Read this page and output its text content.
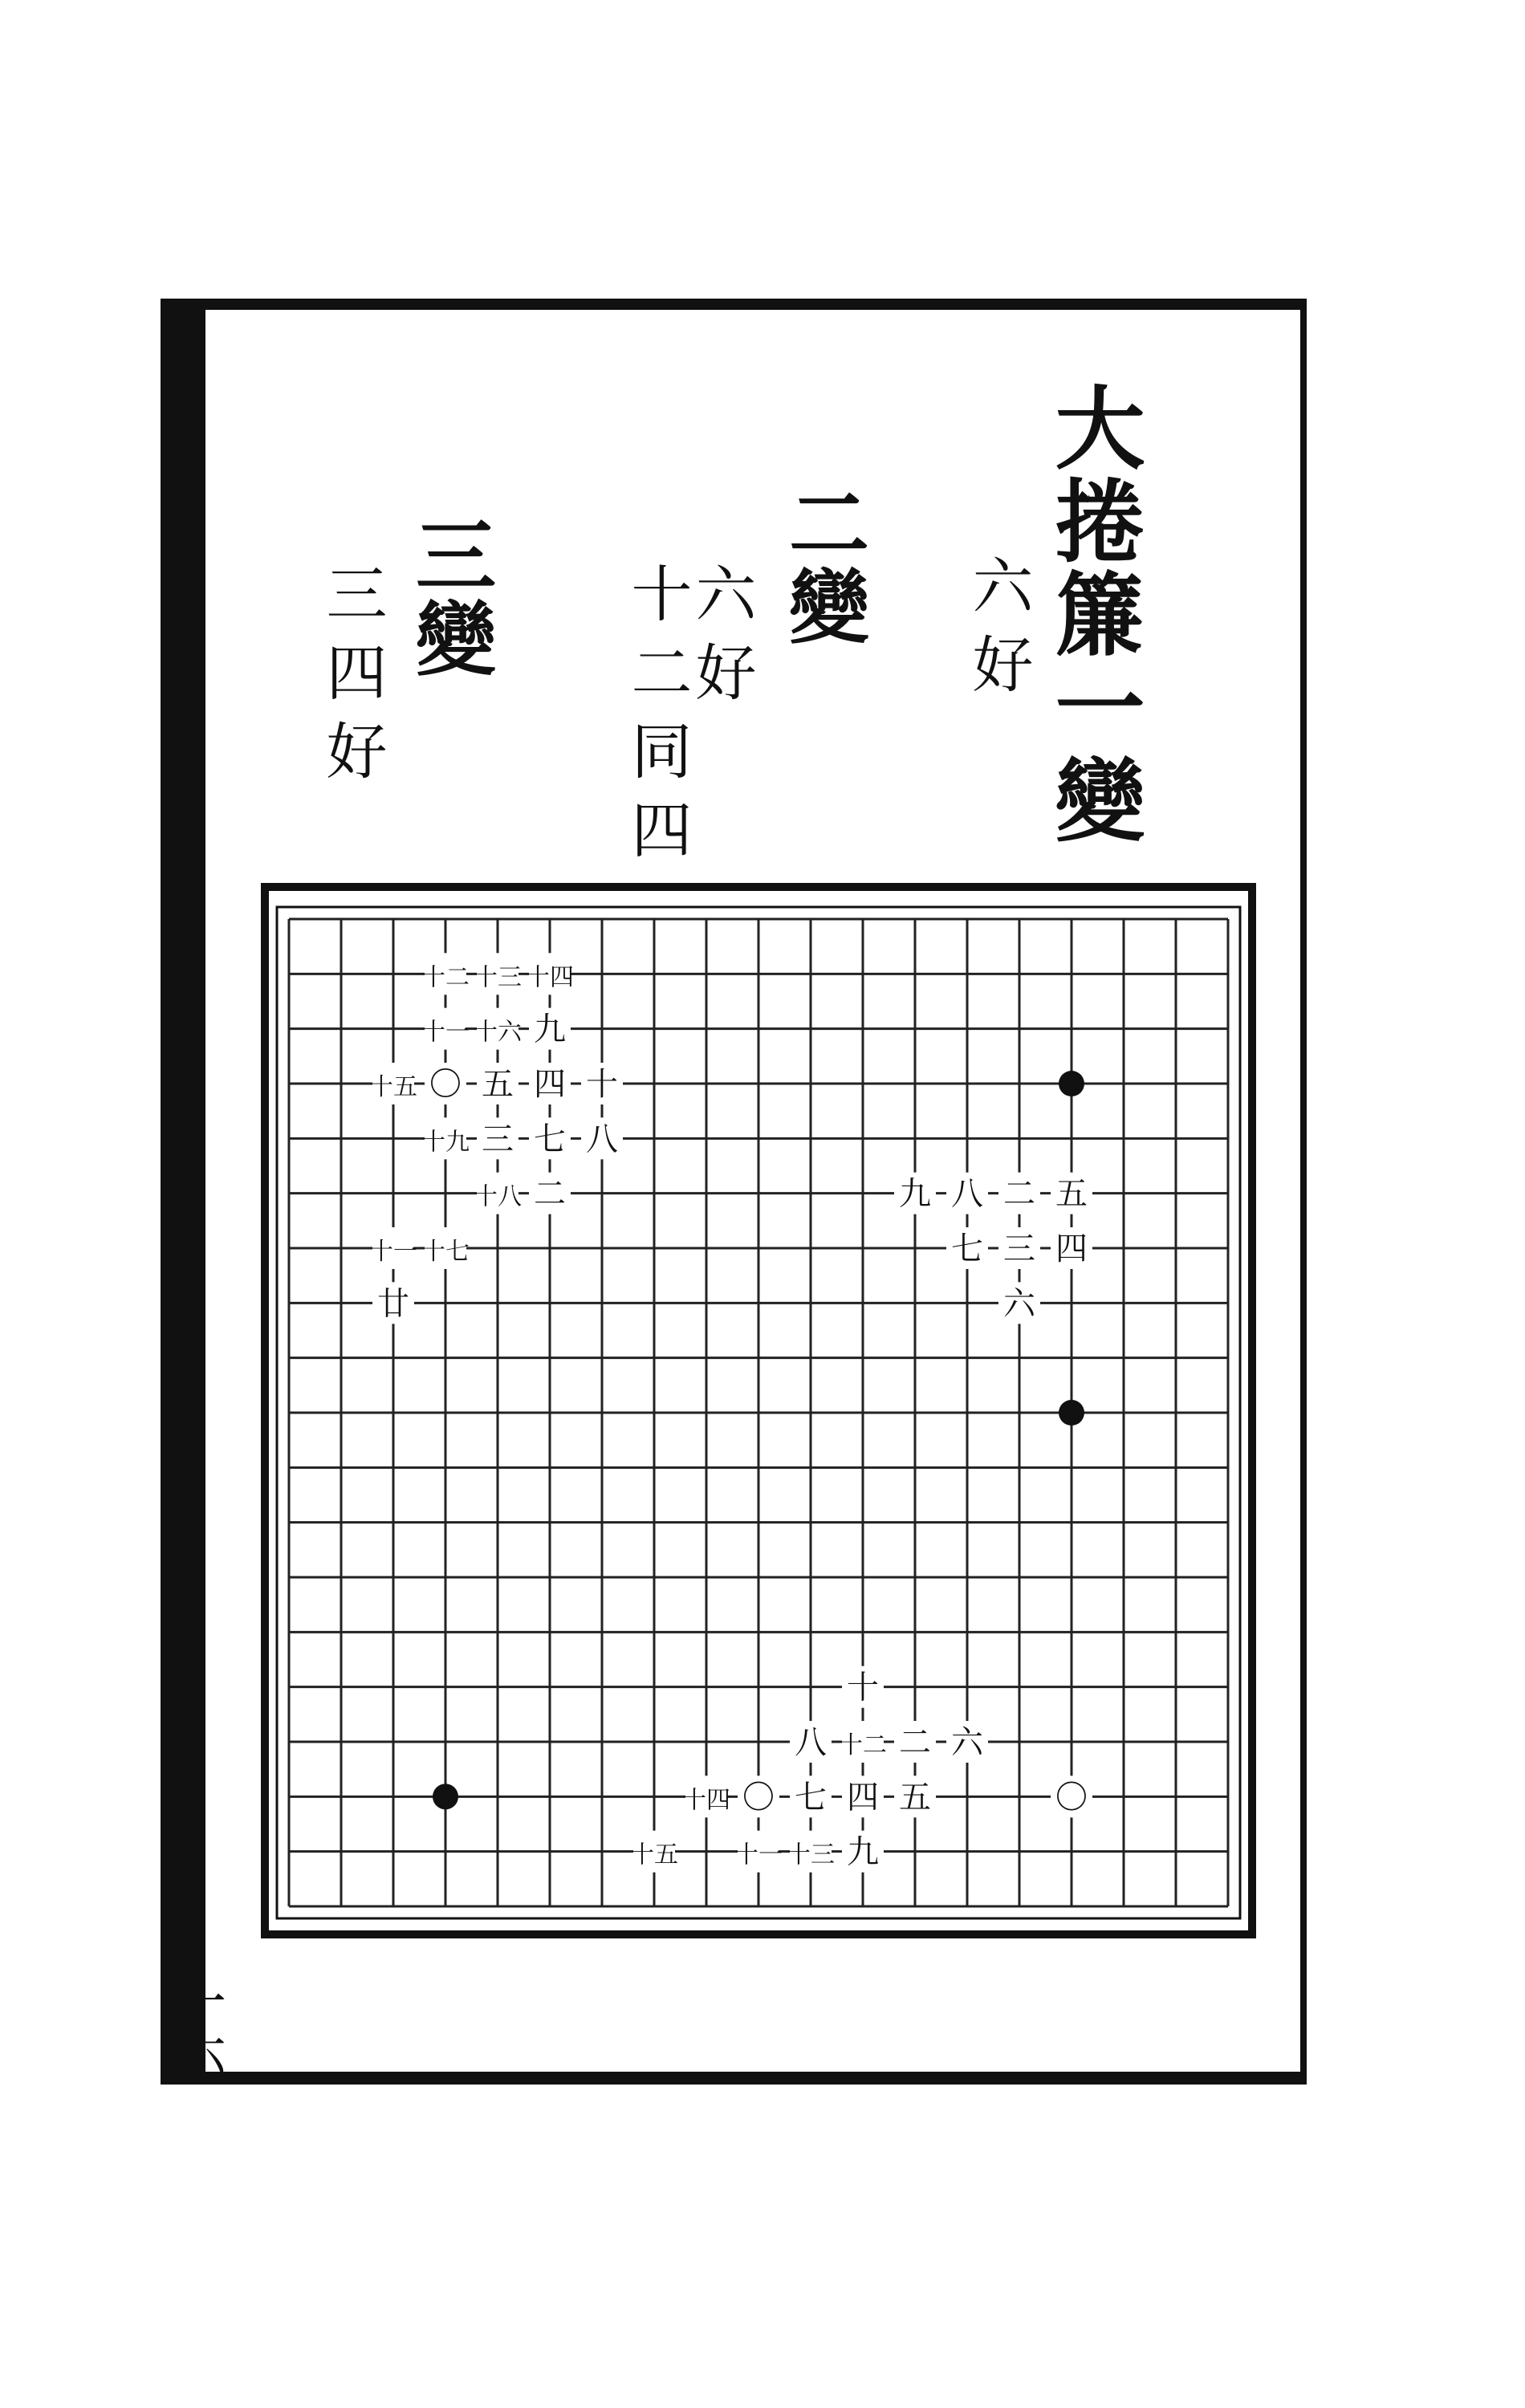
大捲簾一變
六好
二變
六好
十二同四
三變
三四好
十四
十三
十二
九
十六
十一
十
四
五
〇
十五
八
七
三
十九
二
十八
十七
十一
廿
五
二
八
九
四
三
七
六
十
十二 二 六
八
四 五
七
〇
十四	〇
九
十三
十一
十五
一六
